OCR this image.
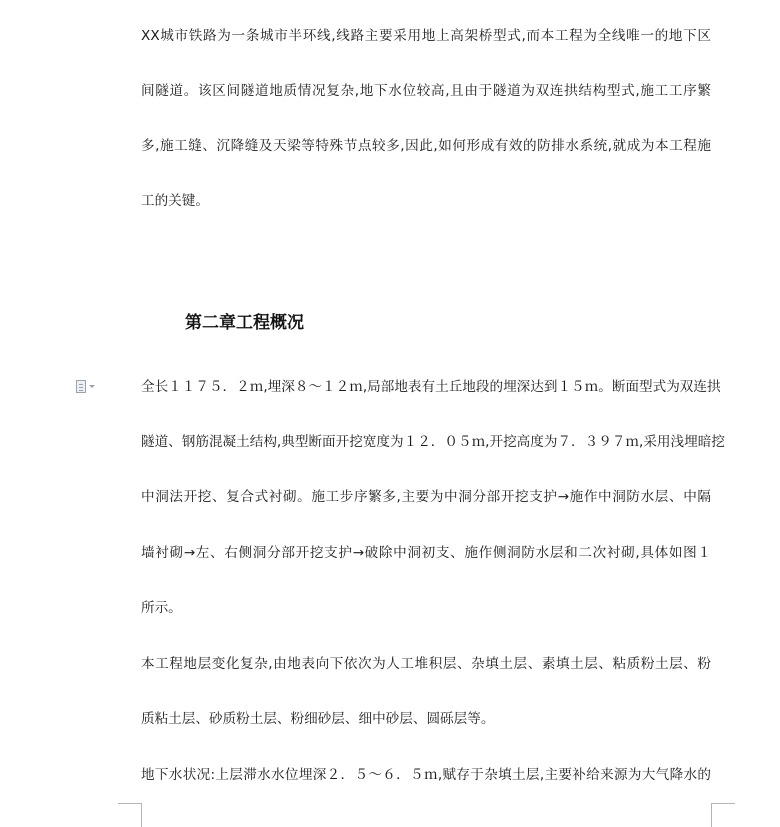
XX城市铁路为一条城市半环线,线路主要采用地上高架桥型式,而本工程为全线唯一的地下区
间隧道。该区间隧道地质情况复杂,地下水位较高,且由于隧道为双连拱结构型式,施工工序繁
多,施工缝、沉降缝及天梁等特殊节点较多,因此,如何形成有效的防排水系统,就成为本工程施
工的关键。
第二章工程概况
全长１１７５．２ｍ,埋深８～１２ｍ,局部地表有土丘地段的埋深达到１５ｍ。断面型式为双连拱
隧道、钢筋混凝土结构,典型断面开挖宽度为１２．０５ｍ,开挖高度为７．３９７ｍ,采用浅埋暗挖
中洞法开挖、复合式衬砌。施工步序繁多,主要为中洞分部开挖支护→施作中洞防水层、中隔
墙衬砌→左、右侧洞分部开挖支护→破除中洞初支、施作侧洞防水层和二次衬砌,具体如图１
所示。
本工程地层变化复杂,由地表向下依次为人工堆积层、杂填土层、素填土层、粘质粉土层、粉
质粘土层、砂质粉土层、粉细砂层、细中砂层、圆砾层等。
地下水状况:上层滞水水位埋深２．５～６．５ｍ,赋存于杂填土层,主要补给来源为大气降水的
